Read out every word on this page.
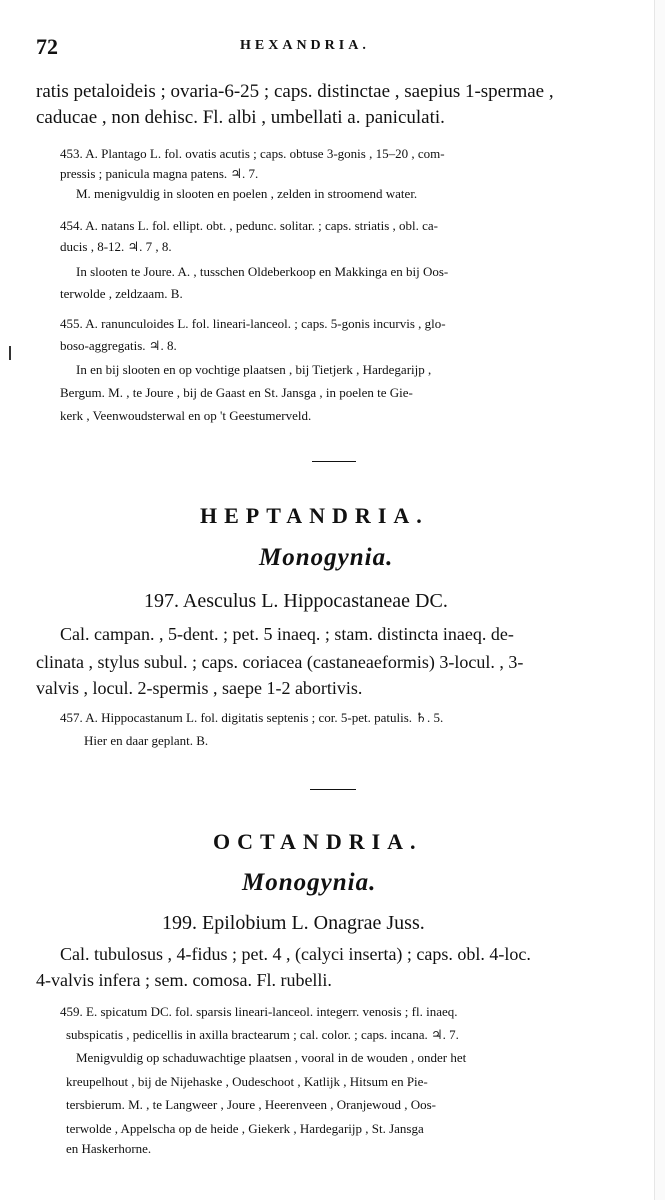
72	HEXANDRIA.
ratis petaloideis ; ovaria-6-25 ; caps. distinctae , saepius 1-spermae ,
caducae , non dehisc. Fl. albi , umbellati a. paniculati.
453. A. Plantago L. fol. ovatis acutis ; caps. obtuse 3-gonis , 15–20 , com-
pressis ; panicula magna patens. ♃. 7.
M. menigvuldig in slooten en poelen , zelden in stroomend water.
454. A. natans L. fol. ellipt. obt. , pedunc. solitar. ; caps. striatis , obl. ca-
ducis , 8-12. ♃. 7 , 8.
In slooten te Joure. A. , tusschen Oldeberkoop en Makkinga en bij Oos-
terwolde , zeldzaam. B.
455. A. ranunculoides L. fol. lineari-lanceol. ; caps. 5-gonis incurvis , glo-
boso-aggregatis. ♃. 8.
In en bij slooten en op vochtige plaatsen , bij Tietjerk , Hardegarijp ,
Bergum. M. , te Joure , bij de Gaast en St. Jansga , in poelen te Gie-
kerk , Veenwoudsterwal en op 't Geestumerveld.
HEPTANDRIA.
Monogynia.
197. Aesculus L. Hippocastaneae DC.
Cal. campan. , 5-dent. ; pet. 5 inaeq. ; stam. distincta inaeq. de-
clinata , stylus subul. ; caps. coriacea (castaneaeformis) 3-locul. , 3-
valvis , locul. 2-spermis , saepe 1-2 abortivis.
457. A. Hippocastanum L. fol. digitatis septenis ; cor. 5-pet. patulis. ♄. 5.
Hier en daar geplant. B.
OCTANDRIA.
Monogynia.
199. Epilobium L. Onagrae Juss.
Cal. tubulosus , 4-fidus ; pet. 4 , (calyci inserta) ; caps. obl. 4-loc.
4-valvis infera ; sem. comosa. Fl. rubelli.
459. E. spicatum DC. fol. sparsis lineari-lanceol. integerr. venosis ; fl. inaeq.
subspicatis , pedicellis in axilla bractearum ; cal. color. ; caps. incana. ♃. 7.
Menigvuldig op schaduwachtige plaatsen , vooral in de wouden , onder het
kreupelhout , bij de Nijehaske , Oudeschoot , Katlijk , Hitsum en Pie-
tersbierum. M. , te Langweer , Joure , Heerenveen , Oranjewoud , Oos-
terwolde , Appelscha op de heide , Giekerk , Hardegarijp , St. Jansga
en Haskerhorne.
